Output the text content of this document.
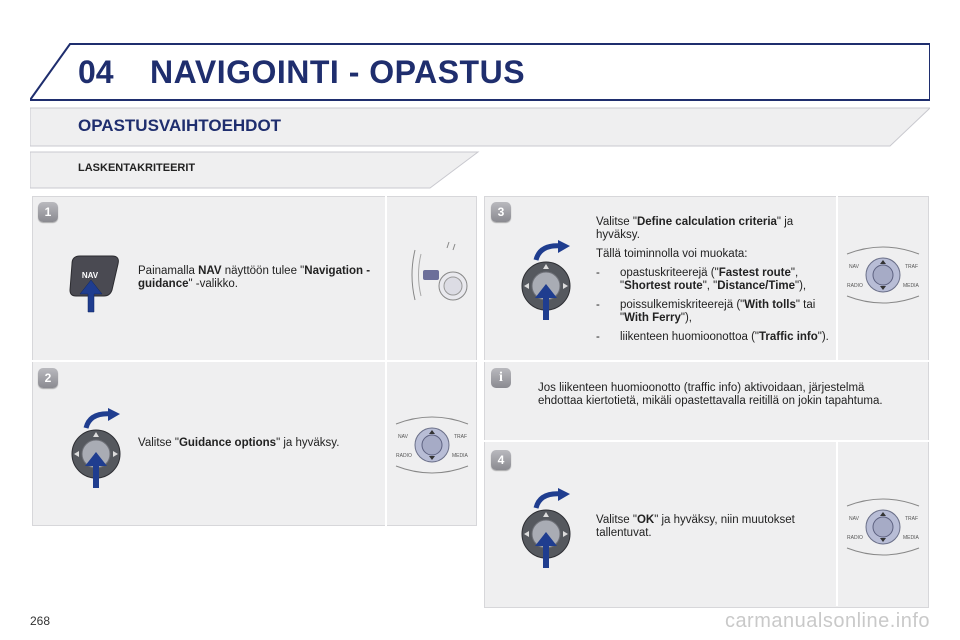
04 NAVIGOINTI - OPASTUS
OPASTUSVAIHTOEHDOT
LASKENTAKRITEERIT
1
NAV	Painamalla NAV näyttöön tulee "Navigation - guidance" -valikko.
2
Valitse "Guidance options" ja hyväksy.	NAV	TRAF
RADIO	MEDIA
3
Valitse "Define calculation criteria" ja hyväksy.
Tällä toiminnolla voi muokata:
- opastuskriteerejä ("Fastest route", "Shortest route", "Distance/Time"),
- poissulkemiskriteerejä ("With tolls" tai "With Ferry"),
- liikenteen huomioonottoa ("Traffic info").
NAV	TRAF
RADIO	MEDIA
i
Jos liikenteen huomioonotto (traffic info) aktivoidaan, järjestelmä ehdottaa kiertotietä, mikäli opastettavalla reitillä on jokin tapahtuma.
4
Valitse "OK" ja hyväksy, niin muutokset tallentuvat.
NAV	TRAF
RADIO	MEDIA
268	carmanualsonline.info
